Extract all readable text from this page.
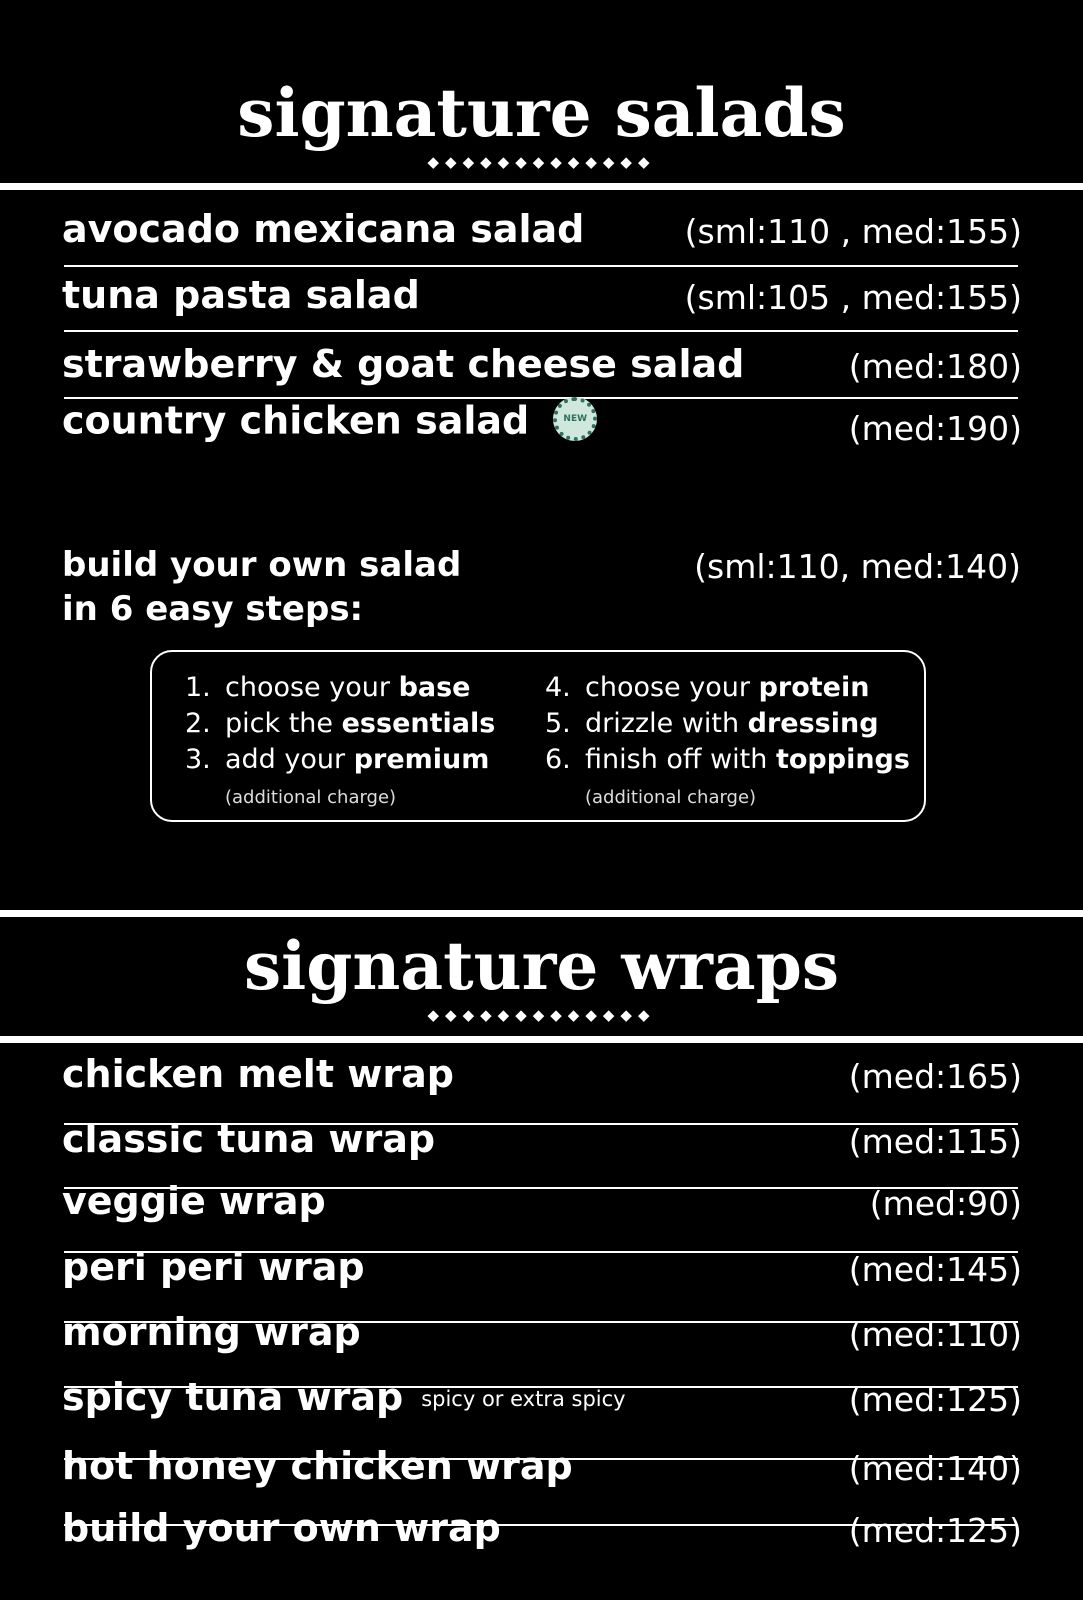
signature salads
◆◆◆◆◆◆◆◆◆◆◆◆◆
avocado mexicana salad	(sml:110 , med:155)
tuna pasta salad	(sml:105 , med:155)
strawberry & goat cheese salad	(med:180)
country chicken salad	NEW	(med:190)
build your own salad
in 6 easy steps:
(sml:110, med:140)
1. choose your base
2. pick the essentials
3. add your premium
(additional charge)
4. choose your protein
5. drizzle with dressing
6. finish off with toppings
(additional charge)
signature wraps
◆◆◆◆◆◆◆◆◆◆◆◆◆
chicken melt wrap	(med:165)
classic tuna wrap	(med:115)
veggie wrap	(med:90)
peri peri wrap	(med:145)
morning wrap	(med:110)
spicy tuna wrap spicy or extra spicy	(med:125)
hot honey chicken wrap	(med:140)
build your own wrap	(med:125)
